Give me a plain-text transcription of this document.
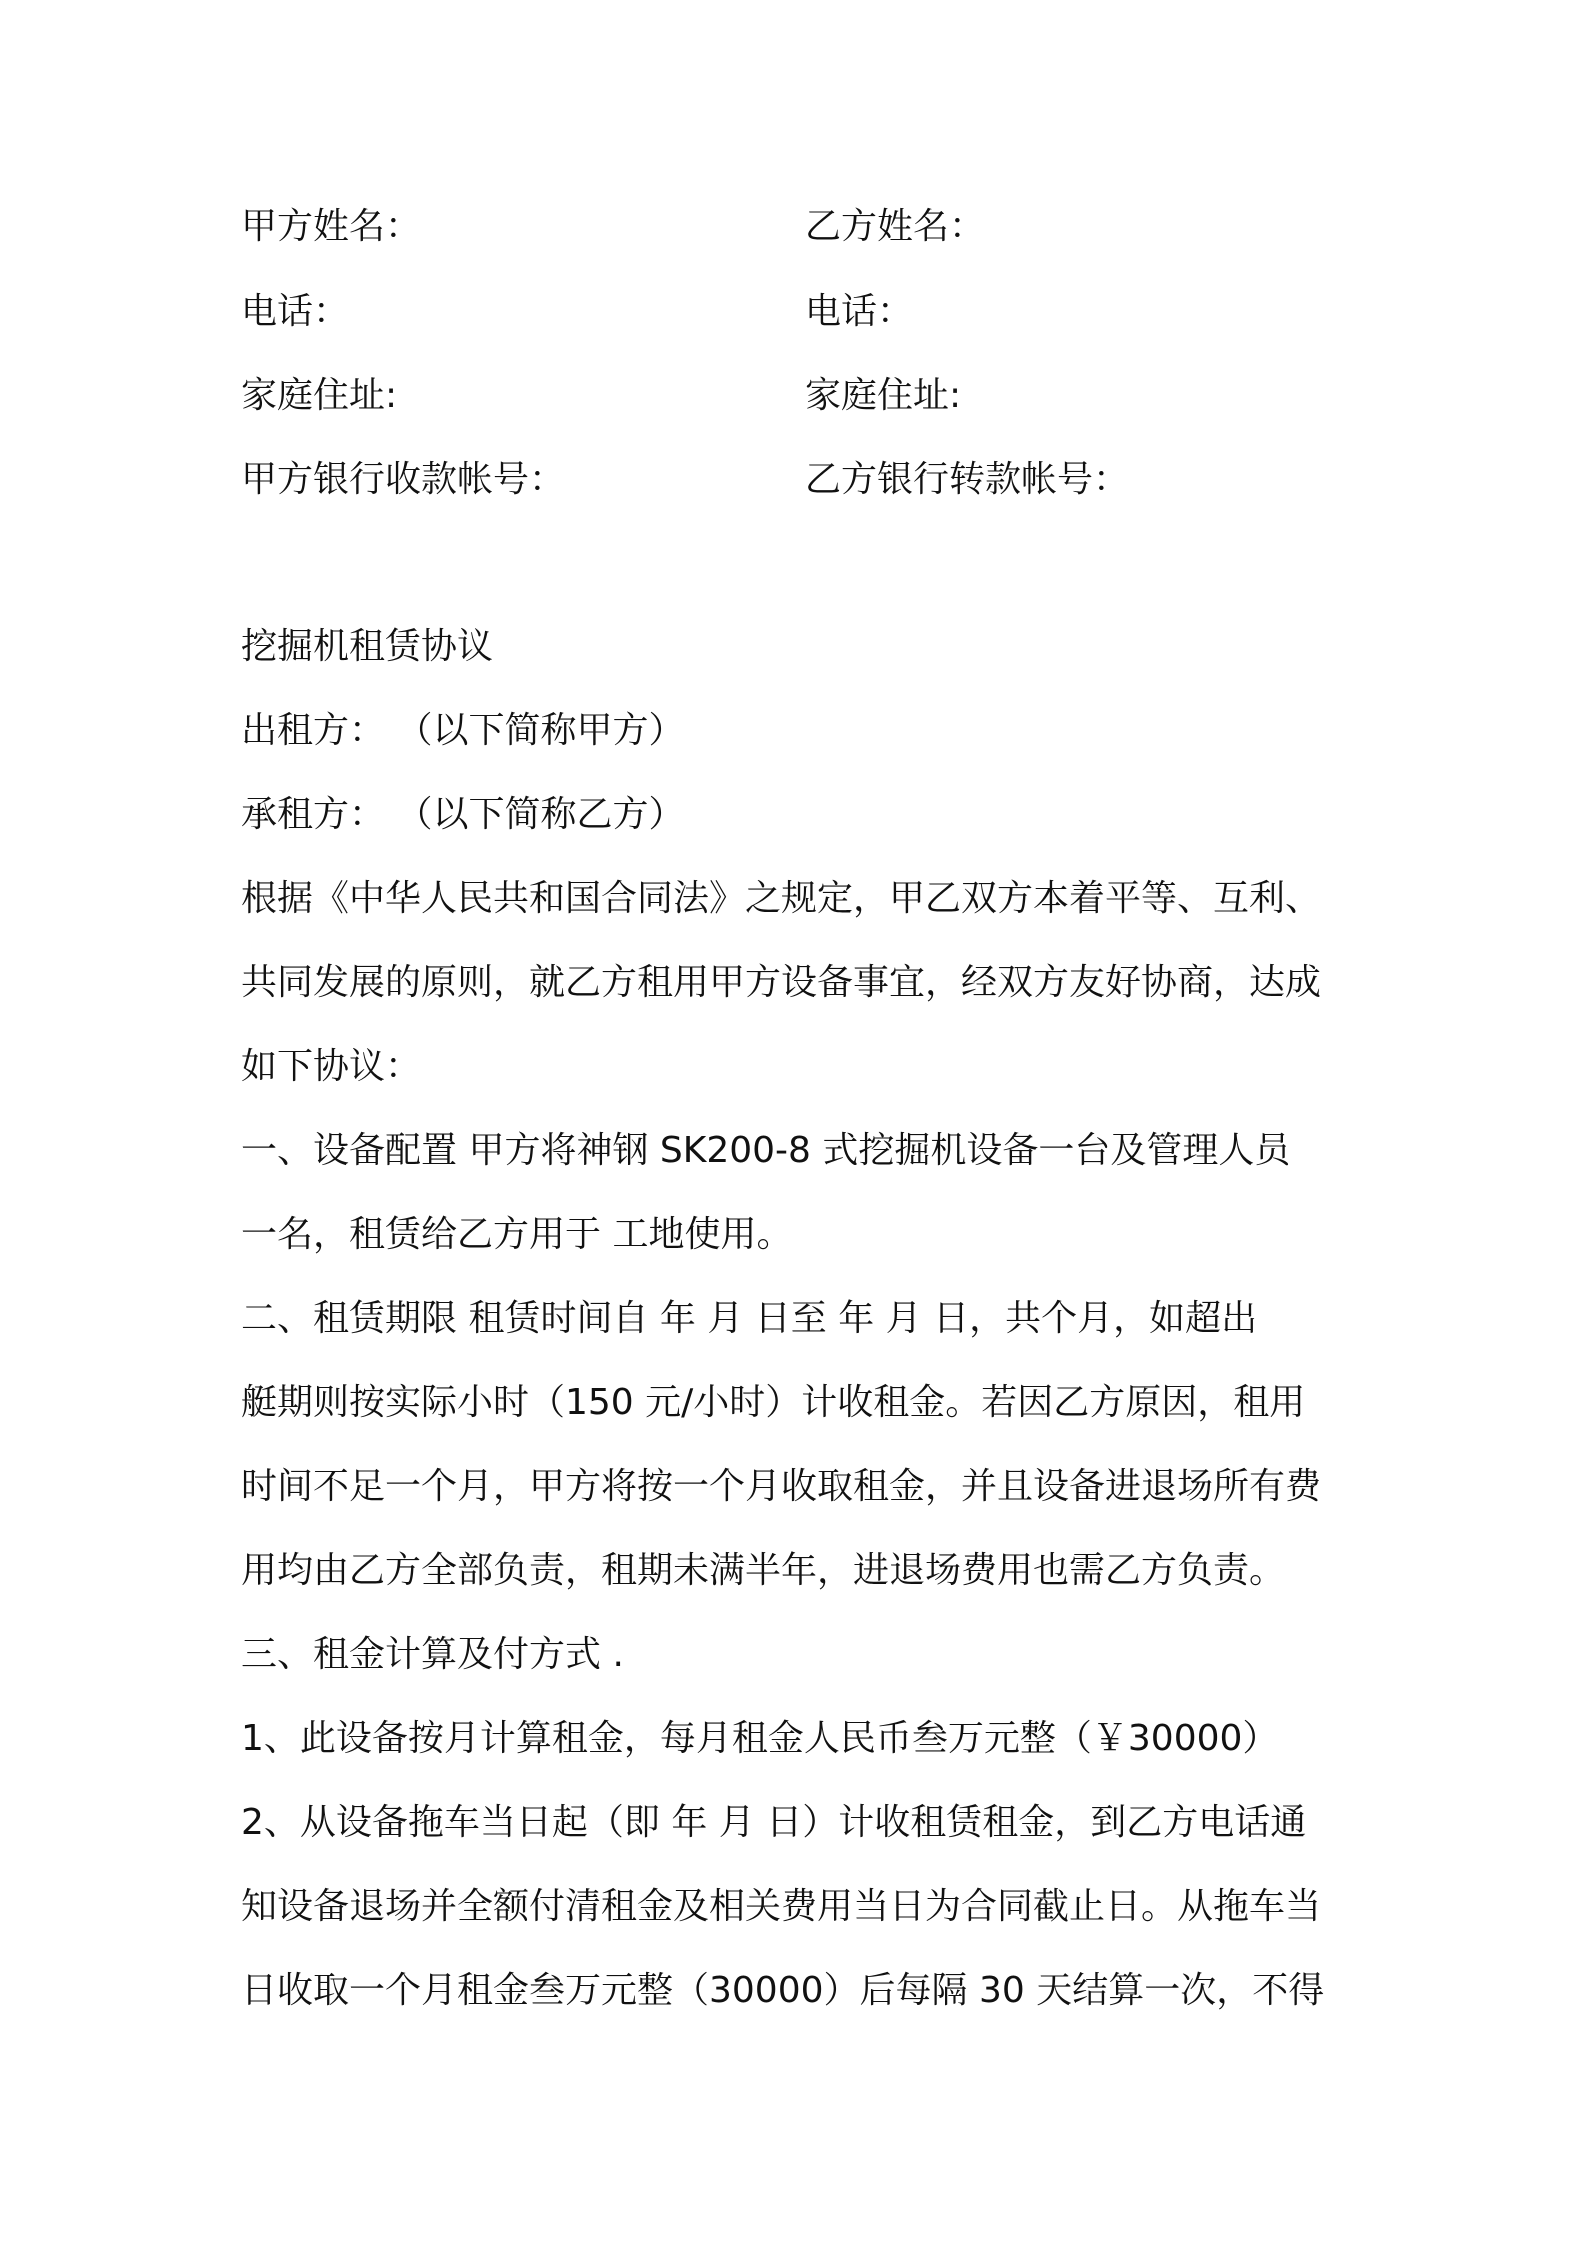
甲方姓名：	乙方姓名：
电话：	电话：
家庭住址:	家庭住址:
甲方银行收款帐号：	乙方银行转款帐号：
挖掘机租赁协议
出租方： （以下简称甲方）
承租方： （以下简称乙方）
根据《中华人民共和国合同法》之规定，甲乙双方本着平等、互利、
共同发展的原则，就乙方租用甲方设备事宜，经双方友好协商，达成
如下协议：
一、设备配置 甲方将神钢 SK200-8 式挖掘机设备一台及管理人员
一名，租赁给乙方用于 工地使用。
二、租赁期限 租赁时间自 年 月 日至 年 月 日，共个月，如超出
艇期则按实际小时（150 元/小时）计收租金。若因乙方原因，租用
时间不足一个月，甲方将按一个月收取租金，并且设备进退场所有费
用均由乙方全部负责，租期未满半年，进退场费用也需乙方负责。
三、租金计算及付方式 .
1、此设备按月计算租金，每月租金人民币叁万元整（￥30000）
2、从设备拖车当日起（即 年 月 日）计收租赁租金，到乙方电话通
知设备退场并全额付清租金及相关费用当日为合同截止日。从拖车当
日收取一个月租金叁万元整（30000）后每隔 30 天结算一次，不得
